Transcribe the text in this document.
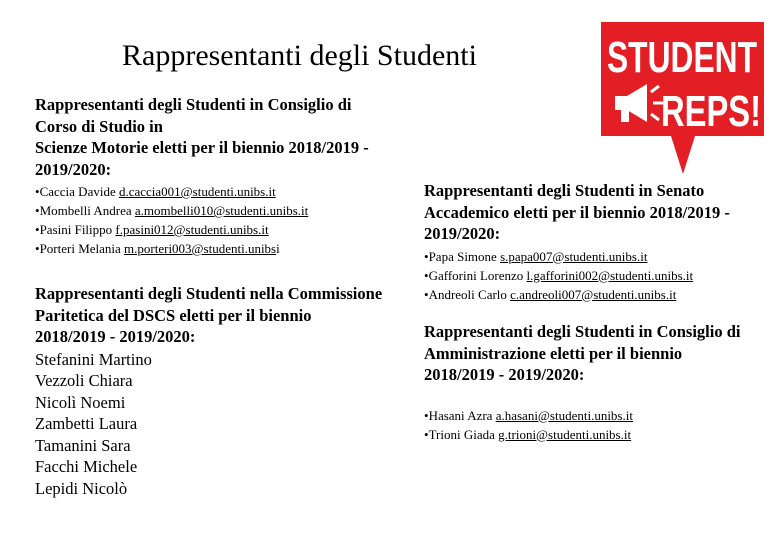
Rappresentanti degli Studenti	STUDENT
REPS!
Rappresentanti degli Studenti in Consiglio di
Corso di Studio in
Scienze Motorie eletti per il biennio 2018/2019 -
2019/2020:
•Caccia Davide d.caccia001@studenti.unibs.it
•Mombelli Andrea a.mombelli010@studenti.unibs.it
•Pasini Filippo f.pasini012@studenti.unibs.it
•Porteri Melania m.porteri003@studenti.unibsi
Rappresentanti degli Studenti nella Commissione
Paritetica del DSCS eletti per il biennio
2018/2019 - 2019/2020:
Stefanini Martino
Vezzoli Chiara
Nicolì Noemi
Zambetti Laura
Tamanini Sara
Facchi Michele
Lepidi Nicolò
Rappresentanti degli Studenti in Senato
Accademico eletti per il biennio 2018/2019 -
2019/2020:
•Papa Simone s.papa007@studenti.unibs.it
•Gafforini Lorenzo l.gafforini002@studenti.unibs.it
•Andreoli Carlo c.andreoli007@studenti.unibs.it
Rappresentanti degli Studenti in Consiglio di
Amministrazione eletti per il biennio
2018/2019 - 2019/2020:
•Hasani Azra a.hasani@studenti.unibs.it
•Trioni Giada g.trioni@studenti.unibs.it
